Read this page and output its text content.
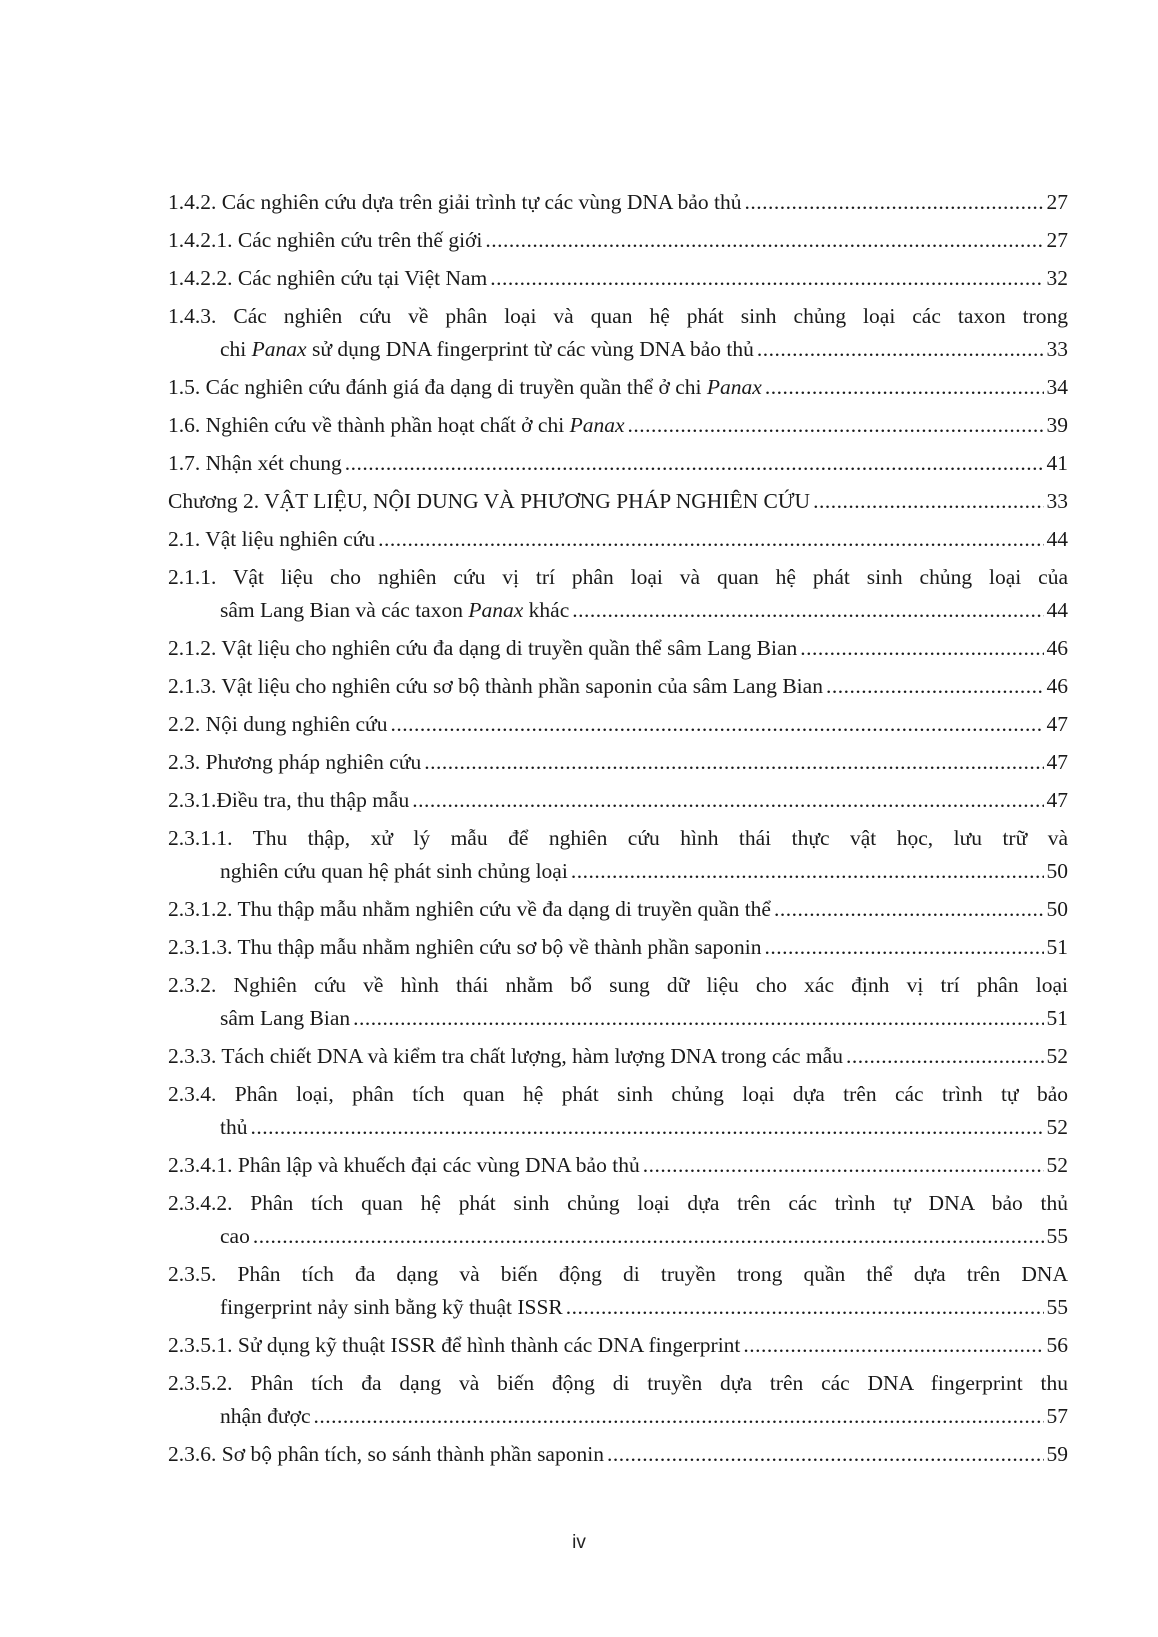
1.4.2. Các nghiên cứu dựa trên giải trình tự các vùng DNA bảo thủ .....	27
1.4.2.1. Các nghiên cứu trên thế giới .....	27
1.4.2.2. Các nghiên cứu tại Việt Nam .....	32
1.4.3. Các nghiên cứu về phân loại và quan hệ phát sinh chủng loại các taxon trong
chi Panax sử dụng DNA fingerprint từ các vùng DNA bảo thủ .....	33
1.5. Các nghiên cứu đánh giá đa dạng di truyền quần thể ở chi Panax .....	34
1.6. Nghiên cứu về thành phần hoạt chất ở chi Panax .....	39
1.7. Nhận xét chung .....	41
Chương 2. VẬT LIỆU, NỘI DUNG VÀ PHƯƠNG PHÁP NGHIÊN CỨU .....	33
2.1. Vật liệu nghiên cứu .....	44
2.1.1. Vật liệu cho nghiên cứu vị trí phân loại và quan hệ phát sinh chủng loại của
sâm Lang Bian và các taxon Panax khác .....	44
2.1.2. Vật liệu cho nghiên cứu đa dạng di truyền quần thể sâm Lang Bian .....	46
2.1.3. Vật liệu cho nghiên cứu sơ bộ thành phần saponin của sâm Lang Bian .....	46
2.2. Nội dung nghiên cứu .....	47
2.3. Phương pháp nghiên cứu .....	47
2.3.1.Điều tra, thu thập mẫu .....	47
2.3.1.1. Thu thập, xử lý mẫu để nghiên cứu hình thái thực vật học, lưu trữ và
nghiên cứu quan hệ phát sinh chủng loại .....	50
2.3.1.2. Thu thập mẫu nhằm nghiên cứu về đa dạng di truyền quần thể .....	50
2.3.1.3. Thu thập mẫu nhằm nghiên cứu sơ bộ về thành phần saponin .....	51
2.3.2. Nghiên cứu về hình thái nhằm bổ sung dữ liệu cho xác định vị trí phân loại
sâm Lang Bian .....	51
2.3.3. Tách chiết DNA và kiểm tra chất lượng, hàm lượng DNA trong các mẫu .....	52
2.3.4. Phân loại, phân tích quan hệ phát sinh chủng loại dựa trên các trình tự bảo
thủ .....	52
2.3.4.1. Phân lập và khuếch đại các vùng DNA bảo thủ .....	52
2.3.4.2. Phân tích quan hệ phát sinh chủng loại dựa trên các trình tự DNA bảo thủ
cao .....	55
2.3.5. Phân tích đa dạng và biến động di truyền trong quần thể dựa trên DNA
fingerprint nảy sinh bằng kỹ thuật ISSR .....	55
2.3.5.1. Sử dụng kỹ thuật ISSR để hình thành các DNA fingerprint .....	56
2.3.5.2. Phân tích đa dạng và biến động di truyền dựa trên các DNA fingerprint thu
nhận được .....	57
2.3.6. Sơ bộ phân tích, so sánh thành phần saponin .....	59
iv
